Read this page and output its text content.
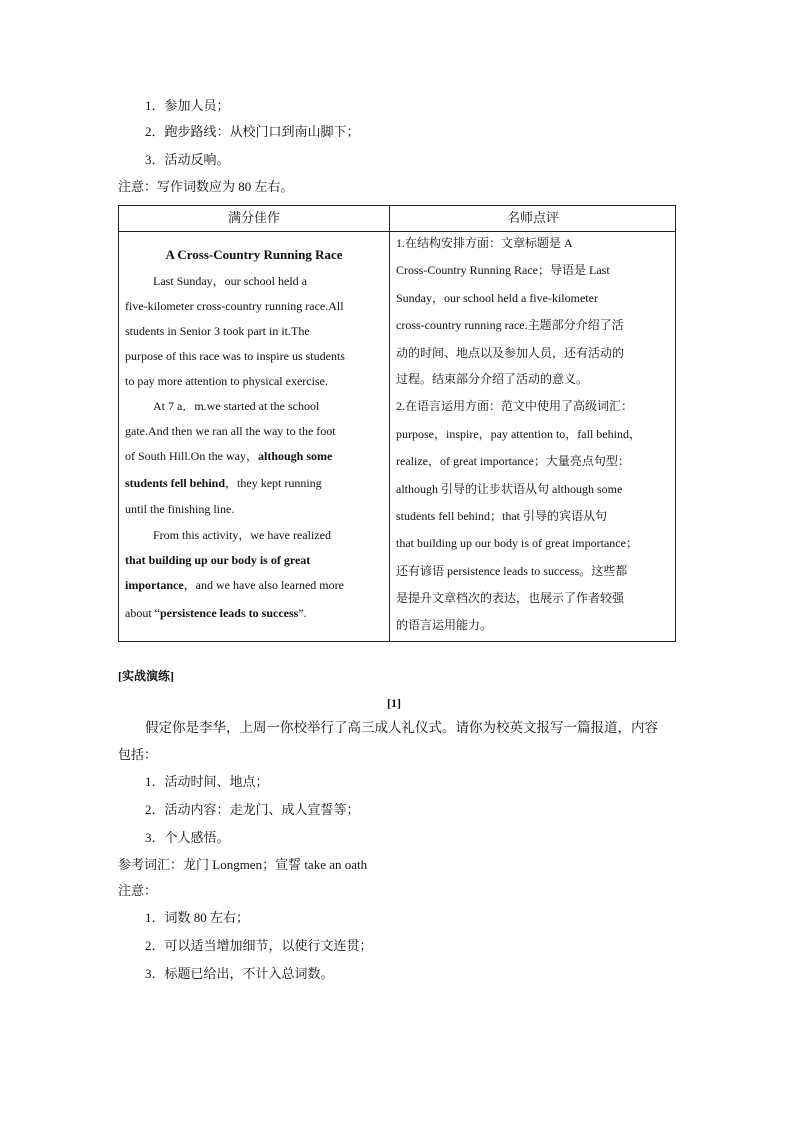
1．参加人员；
2．跑步路线：从校门口到南山脚下；
3．活动反响。
注意：写作词数应为 80 左右。
满分佳作	名师点评
A Cross-Country Running Race
Last Sunday，our school held a
five-kilometer cross-country running race.All
students in Senior 3 took part in it.The
purpose of this race was to inspire us students
to pay more attention to physical exercise.
At 7 a．m.we started at the school
gate.And then we ran all the way to the foot
of South Hill.On the way，although some
students fell behind，they kept running
until the finishing line.
From this activity，we have realized
that building up our body is of great
importance，and we have also learned more
about “persistence leads to success”.
1.在结构安排方面：文章标题是 A
Cross-Country Running Race；导语是 Last
Sunday，our school held a five-kilometer
cross-country running race.主题部分介绍了活
动的时间、地点以及参加人员，还有活动的
过程。结束部分介绍了活动的意义。
2.在语言运用方面：范文中使用了高级词汇：
purpose，inspire，pay attention to，fall behind，
realize，of great importance；大量亮点句型：
although 引导的让步状语从句 although some
students fell behind；that 引导的宾语从句
that building up our body is of great importance；
还有谚语 persistence leads to success。这些都
是提升文章档次的表达，也展示了作者较强
的语言运用能力。
[实战演练]
[1]
假定你是李华，上周一你校举行了高三成人礼仪式。请你为校英文报写一篇报道，内容
包括：
1．活动时间、地点；
2．活动内容：走龙门、成人宣誓等；
3．个人感悟。
参考词汇：龙门 Longmen；宣誓 take an oath
注意：
1．词数 80 左右；
2．可以适当增加细节，以使行文连贯；
3．标题已给出，不计入总词数。
